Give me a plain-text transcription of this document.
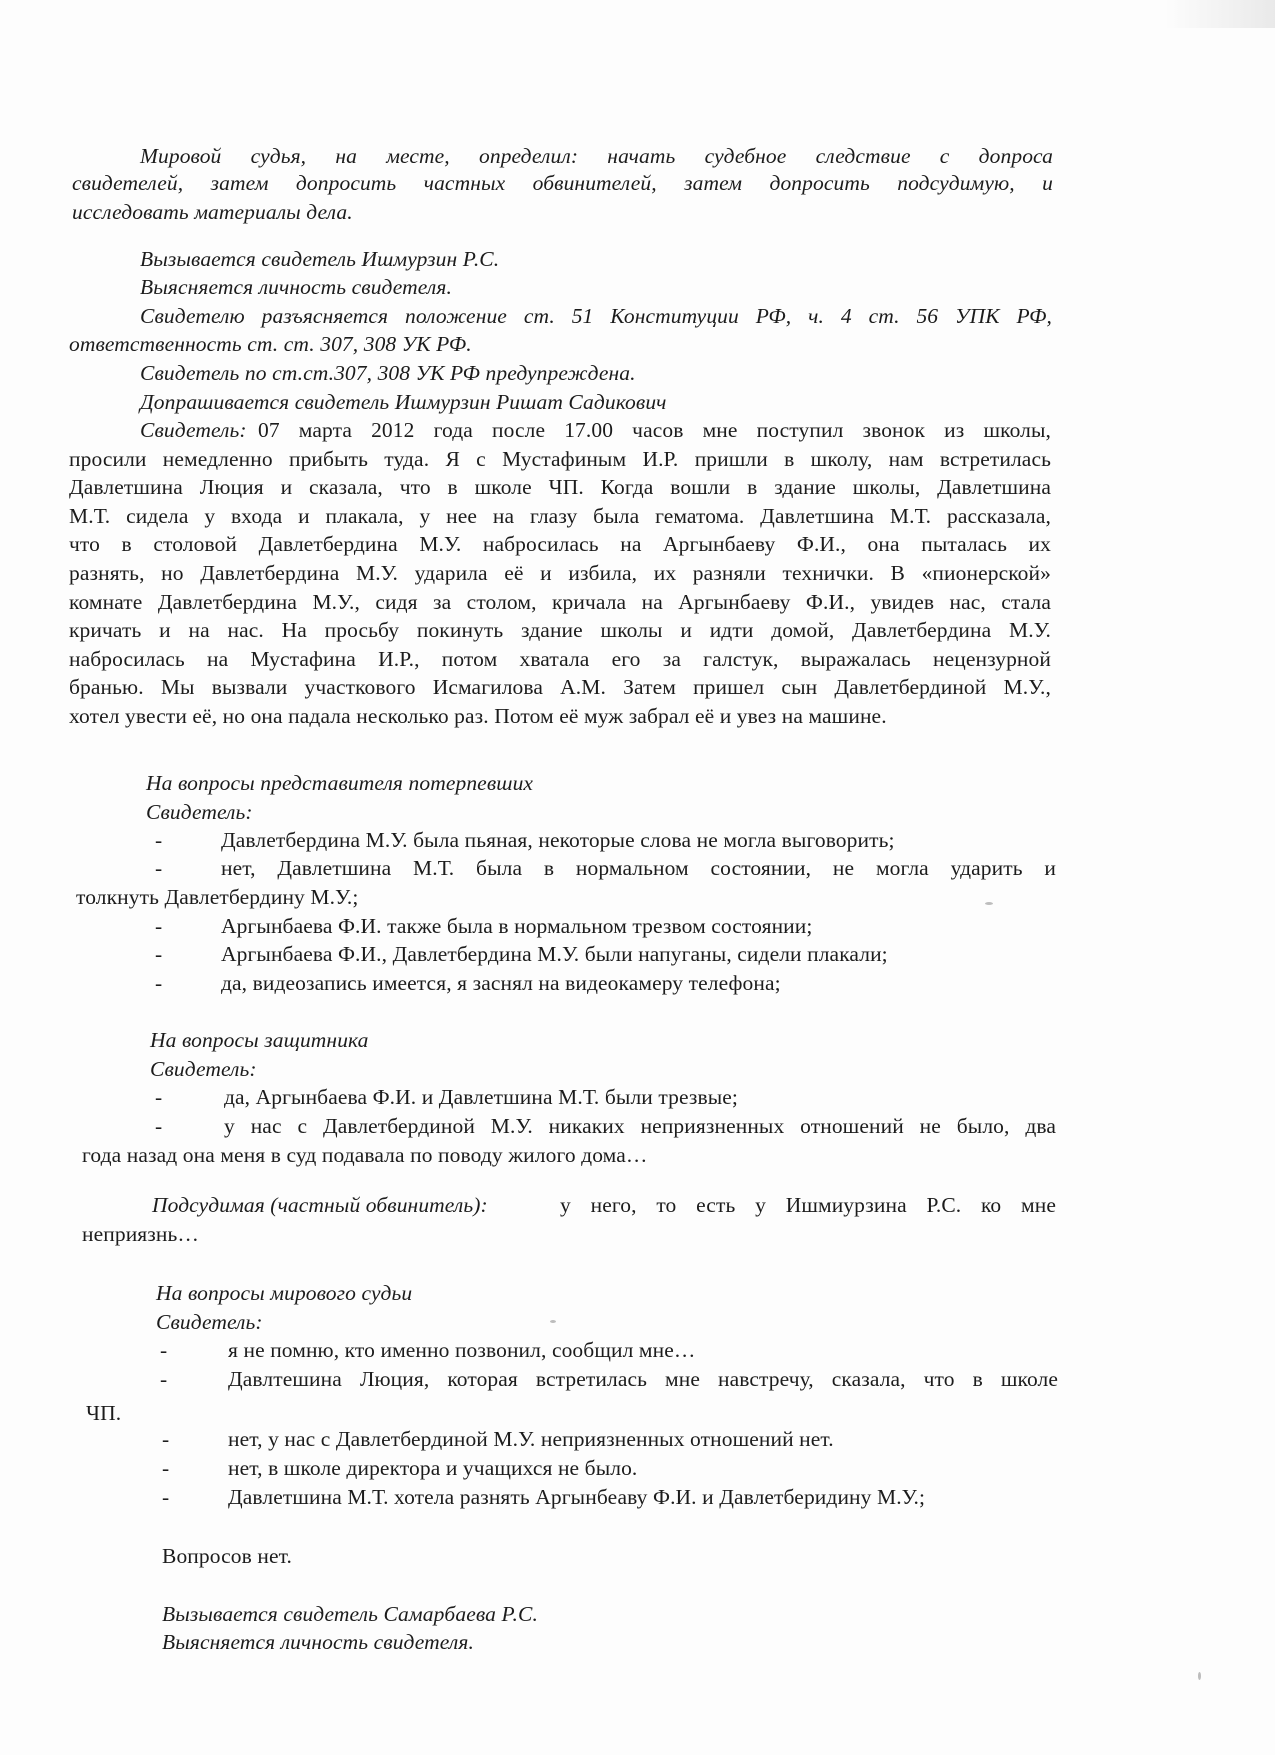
Мировой судья, на месте, определил: начать судебное следствие с допроса
свидетелей, затем допросить частных обвинителей, затем допросить подсудимую, и
исследовать материалы дела.
Вызывается свидетель Ишмурзин Р.С.
Выясняется личность свидетеля.
Свидетелю разъясняется положение ст. 51 Конституции РФ, ч. 4 ст. 56 УПК РФ,
ответственность ст. ст. 307, 308 УК РФ.
Свидетель по ст.ст.307, 308 УК РФ предупреждена.
Допрашивается свидетель Ишмурзин Ришат Садикович
Свидетель: 07 марта 2012 года после 17.00 часов мне поступил звонок из школы,
просили немедленно прибыть туда. Я с Мустафиным И.Р. пришли в школу, нам встретилась
Давлетшина Люция и сказала, что в школе ЧП. Когда вошли в здание школы, Давлетшина
М.Т. сидела у входа и плакала, у нее на глазу была гематома. Давлетшина М.Т. рассказала,
что в столовой Давлетбердина М.У. набросилась на Аргынбаеву Ф.И., она пыталась их
разнять, но Давлетбердина М.У. ударила её и избила, их разняли технички. В «пионерской»
комнате Давлетбердина М.У., сидя за столом, кричала на Аргынбаеву Ф.И., увидев нас, стала
кричать и на нас. На просьбу покинуть здание школы и идти домой, Давлетбердина М.У.
набросилась на Мустафина И.Р., потом хватала его за галстук, выражалась нецензурной
бранью. Мы вызвали участкового Исмагилова А.М. Затем пришел сын Давлетбердиной М.У.,
хотел увести её, но она падала несколько раз. Потом её муж забрал её и увез на машине.
На вопросы представителя потерпевших
Свидетель:
-	Давлетбердина М.У. была пьяная, некоторые слова не могла выговорить;
-	нет, Давлетшина М.Т. была в нормальном состоянии, не могла ударить и
толкнуть Давлетбердину М.У.;
-	Аргынбаева Ф.И. также была в нормальном трезвом состоянии;
-	Аргынбаева Ф.И., Давлетбердина М.У. были напуганы, сидели плакали;
-	да, видеозапись имеется, я заснял на видеокамеру телефона;
На вопросы защитника
Свидетель:
-	да, Аргынбаева Ф.И. и Давлетшина М.Т. были трезвые;
-	у нас с Давлетбердиной М.У. никаких неприязненных отношений не было, два
года назад она меня в суд подавала по поводу жилого дома…
Подсудимая (частный обвинитель):	у него, то есть у Ишмиурзина Р.С. ко мне
неприязнь…
На вопросы мирового судьи
Свидетель:
-	я не помню, кто именно позвонил, сообщил мне…
-	Давлтешина Люция, которая встретилась мне навстречу, сказала, что в школе
ЧП.
-	нет, у нас с Давлетбердиной М.У. неприязненных отношений нет.
-	нет, в школе директора и учащихся не было.
-	Давлетшина М.Т. хотела разнять Аргынбеаву Ф.И. и Давлетберидину М.У.;
Вопросов нет.
Вызывается свидетель Самарбаева Р.С.
Выясняется личность свидетеля.
